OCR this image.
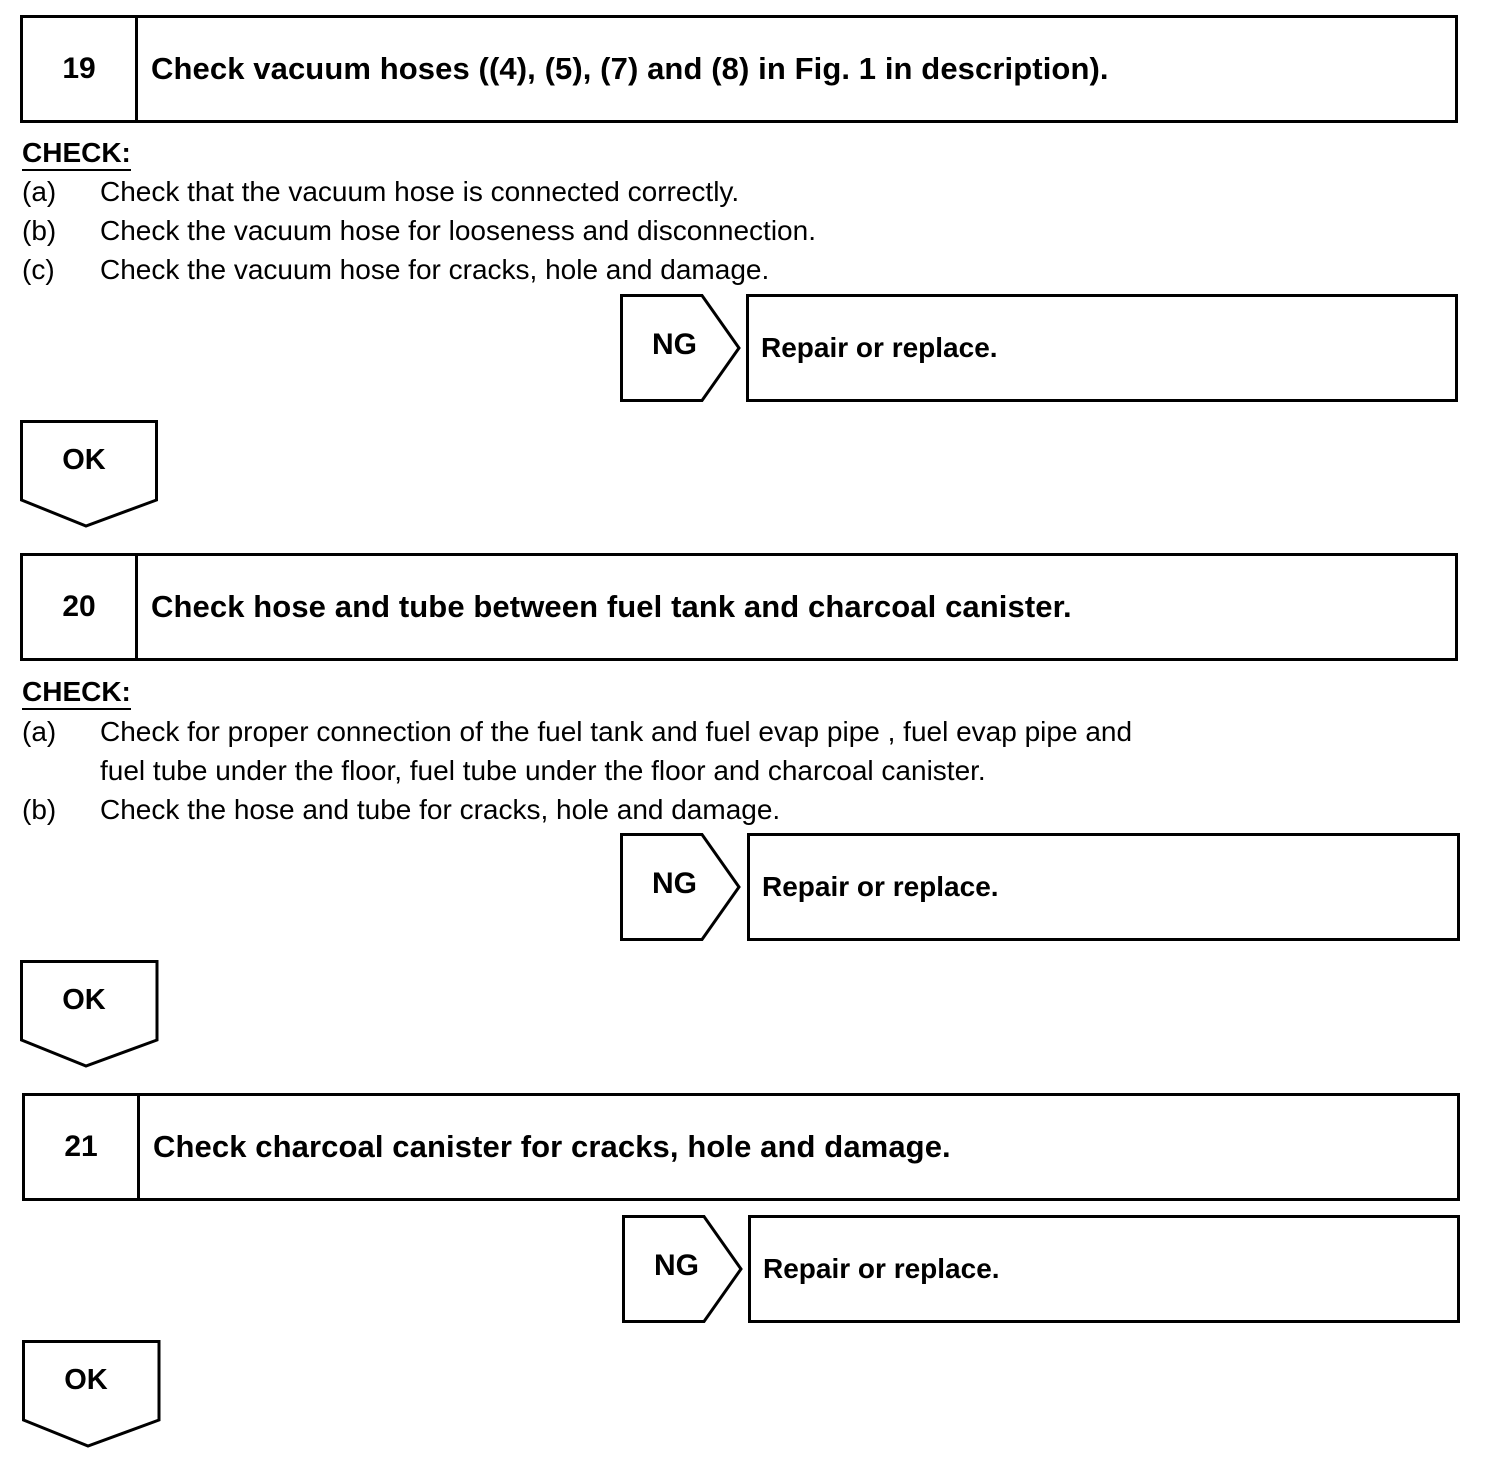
19	Check vacuum hoses ((4), (5), (7) and (8) in Fig. 1 in description).
CHECK:
(a) Check that the vacuum hose is connected correctly.
(b) Check the vacuum hose for looseness and disconnection.
(c) Check the vacuum hose for cracks, hole and damage.
NG	Repair or replace.
OK
20	Check hose and tube between fuel tank and charcoal canister.
CHECK:
(a) Check for proper connection of the fuel tank and fuel evap pipe , fuel evap pipe and
fuel tube under the floor, fuel tube under the floor and charcoal canister.
(b) Check the hose and tube for cracks, hole and damage.
NG	Repair or replace.
OK
21	Check charcoal canister for cracks, hole and damage.
NG	Repair or replace.
OK
